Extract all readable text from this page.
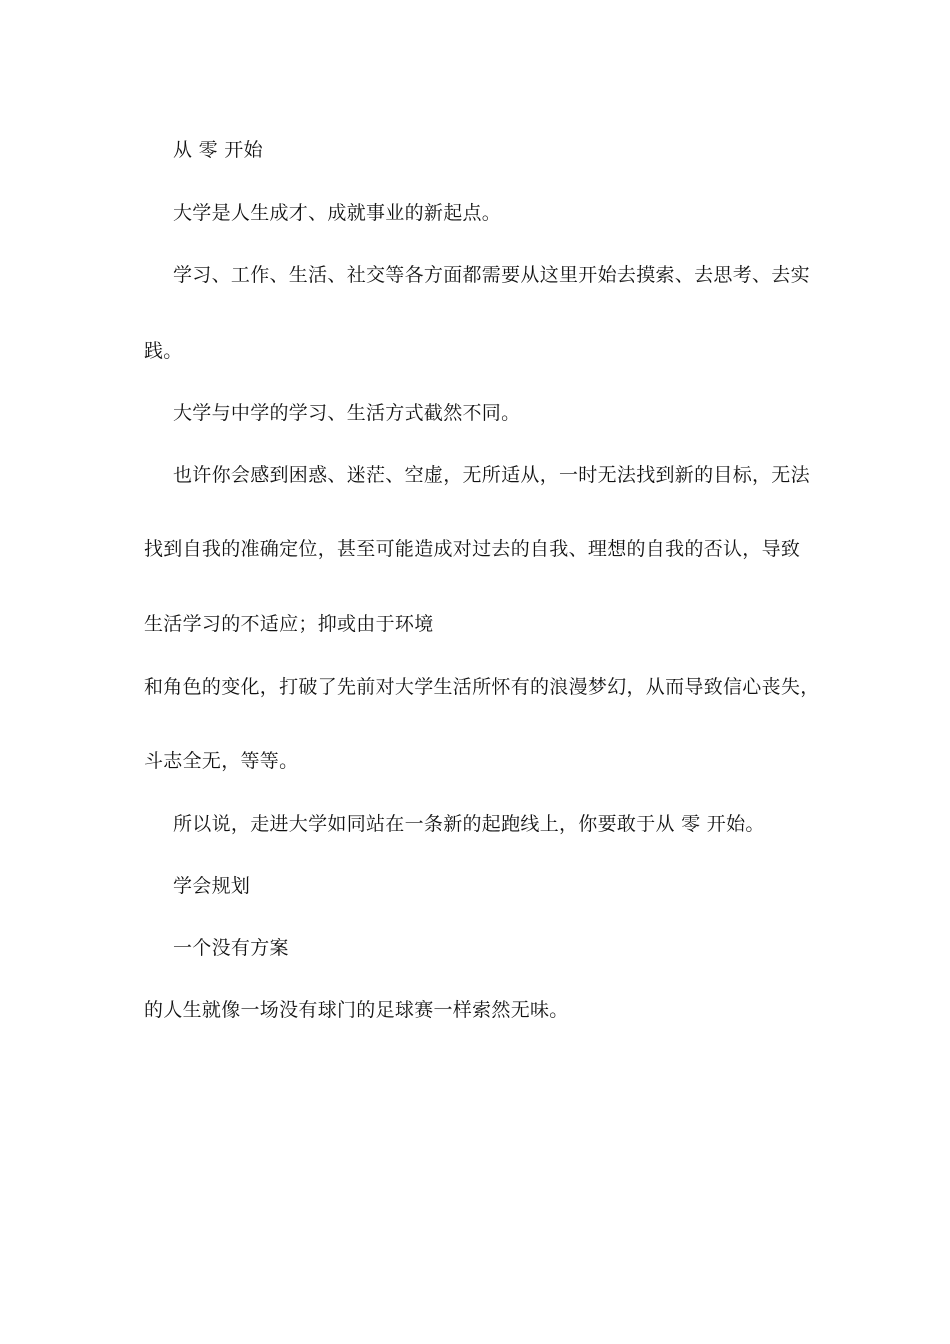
从 零 开始
大学是人生成才、成就事业的新起点。
学习、工作、生活、社交等各方面都需要从这里开始去摸索、去思考、去实
践。
大学与中学的学习、生活方式截然不同。
也许你会感到困惑、迷茫、空虚，无所适从，一时无法找到新的目标，无法
找到自我的准确定位，甚至可能造成对过去的自我、理想的自我的否认，导致
生活学习的不适应；抑或由于环境
和角色的变化，打破了先前对大学生活所怀有的浪漫梦幻，从而导致信心丧失，
斗志全无，等等。
所以说，走进大学如同站在一条新的起跑线上，你要敢于从 零 开始。
学会规划
一个没有方案
的人生就像一场没有球门的足球赛一样索然无味。
